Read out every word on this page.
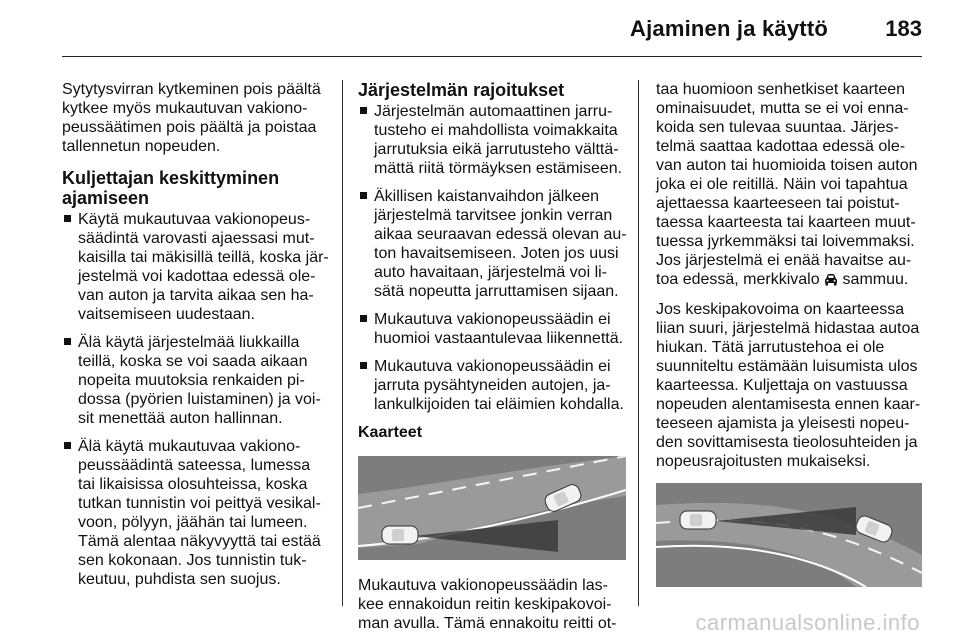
Ajaminen ja käyttö	183
Sytytysvirran kytkeminen pois päältä
kytkee myös mukautuvan vakiono-
peussäätimen pois päältä ja poistaa
tallennetun nopeuden.
Kuljettajan keskittyminen
ajamiseen
Käytä mukautuvaa vakionopeus-
säädintä varovasti ajaessasi mut-
kaisilla tai mäkisillä teillä, koska jär-
jestelmä voi kadottaa edessä ole-
van auton ja tarvita aikaa sen ha-
vaitsemiseen uudestaan.
Älä käytä järjestelmää liukkailla
teillä, koska se voi saada aikaan
nopeita muutoksia renkaiden pi-
dossa (pyörien luistaminen) ja voi-
sit menettää auton hallinnan.
Älä käytä mukautuvaa vakiono-
peussäädintä sateessa, lumessa
tai likaisissa olosuhteissa, koska
tutkan tunnistin voi peittyä vesikal-
voon, pölyyn, jäähän tai lumeen.
Tämä alentaa näkyvyyttä tai estää
sen kokonaan. Jos tunnistin tuk-
keutuu, puhdista sen suojus.
Järjestelmän rajoitukset
Järjestelmän automaattinen jarru-
tusteho ei mahdollista voimakkaita
jarrutuksia eikä jarrutusteho välttä-
mättä riitä törmäyksen estämiseen.
Äkillisen kaistanvaihdon jälkeen
järjestelmä tarvitsee jonkin verran
aikaa seuraavan edessä olevan au-
ton havaitsemiseen. Joten jos uusi
auto havaitaan, järjestelmä voi li-
sätä nopeutta jarruttamisen sijaan.
Mukautuva vakionopeussäädin ei
huomioi vastaantulevaa liikennettä.
Mukautuva vakionopeussäädin ei
jarruta pysähtyneiden autojen, ja-
lankulkijoiden tai eläimien kohdalla.
Kaarteet
Mukautuva vakionopeussäädin las-
kee ennakoidun reitin keskipakovoi-
man avulla. Tämä ennakoitu reitti ot-
taa huomioon senhetkiset kaarteen
ominaisuudet, mutta se ei voi enna-
koida sen tulevaa suuntaa. Järjes-
telmä saattaa kadottaa edessä ole-
van auton tai huomioida toisen auton
joka ei ole reitillä. Näin voi tapahtua
ajettaessa kaarteeseen tai poistut-
taessa kaarteesta tai kaarteen muut-
tuessa jyrkemmäksi tai loivemmaksi.
Jos järjestelmä ei enää havaitse au-
toa edessä, merkkivalo sammuu.
Jos keskipakovoima on kaarteessa
liian suuri, järjestelmä hidastaa autoa
hiukan. Tätä jarrutustehoa ei ole
suunniteltu estämään luisumista ulos
kaarteessa. Kuljettaja on vastuussa
nopeuden alentamisesta ennen kaar-
teeseen ajamista ja yleisesti nopeu-
den sovittamisesta tieolosuhteiden ja
nopeusrajoitusten mukaiseksi.
carmanualsonline.info
